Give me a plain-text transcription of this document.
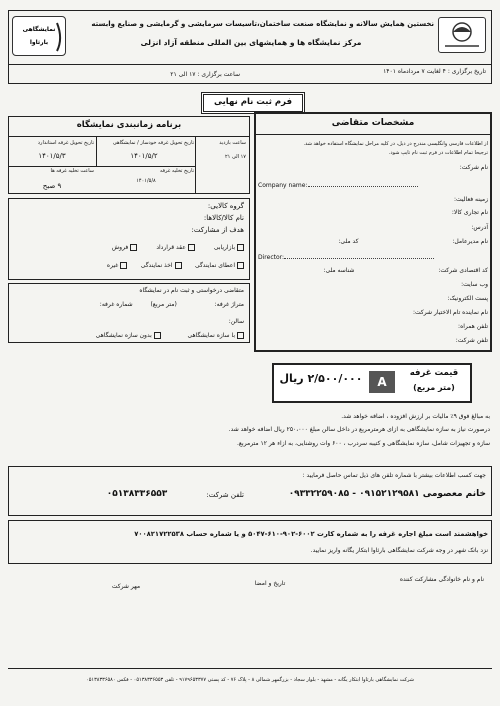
نمایشگاهی
بارثاوا
نخستین همایش سالانه و نمایشگاه صنعت ساختمان،تاسیسات سرمایشی و گرمایشی و صنایع وابسته
مرکز نمایشگاه ها و همایشهای بین المللی منطقه آزاد انزلی
تاریخ برگزاری : ۴ لغایت ۷ مردادماه ۱۴۰۱
ساعت برگزاری : ۱۷ الی ۲۱
فرم ثبت نام نهایی
برنامه زمانبندی نمایشگاه
ساعت بازدید
۱۷ الی ۲۱
تاریخ تحویل غرفه خودساز / نمایشگاهی
۱۴۰۱/۵/۲
تاریخ تحویل غرفه استاندارد
۱۴۰۱/۵/۳
تاریخ تخلیه غرفه
۱۴۰۱/۵/۸
ساعت تخلیه غرفه ها
۹ صبح
گروه کالایی:
نام کالا/کالاها:
هدف از مشارکت:
بازاریابی          عقد قرارداد          فروش
اعطای نمایندگی       اخذ نمایندگی       غیره
متقاضی درخواستی و ثبت نام در نمایشگاه
متراژ غرفه:  (متر مربع)  شماره غرفه:
سالن:
با سازه نمایشگاهی              بدون سازه نمایشگاهی
مشخصات متقاضی
از اطلاعات فارسی وانگلیسی مندرج در ذیل، در کلیه مراحل نمایشگاه استفاده خواهد شد.
ترجیحا تمام اطلاعات در فرم ثبت نام تایپ شود.
نام شرکت:
Company name:
زمینه فعالیت:
نام تجاری کالا:
آدرس:
نام مدیرعامل:  کد ملی:
Director:
کد اقتصادی شرکت:  شناسه ملی:
وب سایت:
پست الکترونیک:
نام نماینده تام الاختیار شرکت:
تلفن همراه:
تلفن شرکت:
قیمت غرفه
(متر مربع)
A
۲/۵۰۰/۰۰۰ ریال
به مبالغ فوق ۹٪ مالیات بر ارزش افزوده ، اضافه خواهد شد.
درصورت نیاز به سازه نمایشگاهی به ازای هرمترمربع در داخل سالن مبلغ ۲۵۰،۰۰۰ ریال اضافه خواهد شد.
سازه و تجهیزات شامل، سازه نمایشگاهی و کتیبه سردرب ، ۶۰۰ وات روشنایی، به ازاء هر ۱۲ مترمربع.
جهت کسب اطلاعات بیشتر با شماره تلفن های ذیل تماس حاصل فرمایید :
خانم معصومی ۰۹۱۵۲۱۲۹۵۸۱ - ۰۹۳۳۲۲۵۹۰۸۵
تلفن شرکت:
۰۵۱۳۸۳۳۶۵۵۳
خواهشمند است مبلغ اجاره غرفه را به شماره کارت ۶۰۰۲-۹۰۲-۶۱۰-۵۰۴۷ و یا شماره حساب ۷۰۰۸۲۱۷۲۲۵۳۸
نزد بانک شهر در وجه شرکت نمایشگاهی بارثاوا ابتکار یگانه واریز نمایید.
نام و نام خانوادگی مشارکت کننده
تاریخ و امضا
مهر شرکت
شرکت نمایشگاهی بارثاوا ابتکار یگانه - مشهد - بلوار سجاد - بزرگمهر شمالی ۸ - پلاک ۷۶ - کد پستی ۹۱۷۹۶۵۳۳۷۷ - تلفن ۰۵۱۳۸۳۳۶۵۵۳ - فکس ۰۵۱۳۸۳۳۶۵۸۰
